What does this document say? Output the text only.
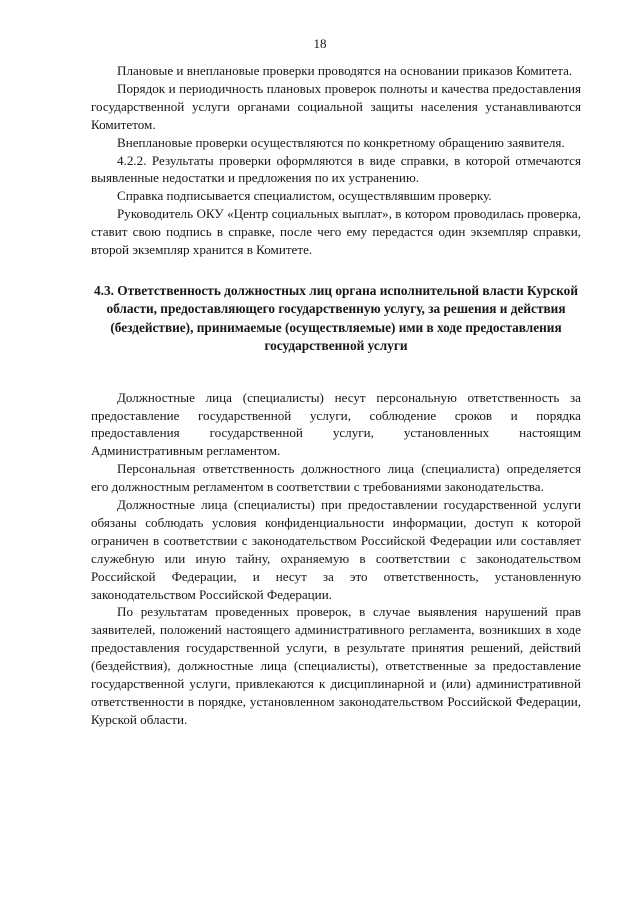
18

Плановые и внеплановые проверки проводятся на основании приказов Комитета.

Порядок и периодичность плановых проверок полноты и качества предоставления государственной услуги органами социальной защиты населения устанавливаются Комитетом.

Внеплановые проверки осуществляются по конкретному обращению заявителя.

4.2.2. Результаты проверки оформляются в виде справки, в которой отмечаются выявленные недостатки и предложения по их устранению.

Справка подписывается специалистом, осуществлявшим проверку.

Руководитель ОКУ «Центр социальных выплат», в котором проводилась проверка, ставит свою подпись в справке, после чего ему передастся один экземпляр справки, второй экземпляр хранится в Комитете.

4.3. Ответственность должностных лиц органа исполнительной власти Курской области, предоставляющего государственную услугу, за решения и действия (бездействие), принимаемые (осуществляемые) ими в ходе предоставления государственной услуги

Должностные лица (специалисты) несут персональную ответственность за предоставление государственной услуги, соблюдение сроков и порядка предоставления государственной услуги, установленных настоящим Административным регламентом.

Персональная ответственность должностного лица (специалиста) определяется его должностным регламентом в соответствии с требованиями законодательства.

Должностные лица (специалисты) при предоставлении государственной услуги обязаны соблюдать условия конфиденциальности информации, доступ к которой ограничен в соответствии с законодательством Российской Федерации или составляет служебную или иную тайну, охраняемую в соответствии с законодательством Российской Федерации, и несут за это ответственность, установленную законодательством Российской Федерации.

По результатам проведенных проверок, в случае выявления нарушений прав заявителей, положений настоящего административного регламента, возникших в ходе предоставления государственной услуги, в результате принятия решений, действий (бездействия), должностные лица (специалисты), ответственные за предоставление государственной услуги, привлекаются к дисциплинарной и (или) административной ответственности в порядке, установленном законодательством Российской Федерации, Курской области.
